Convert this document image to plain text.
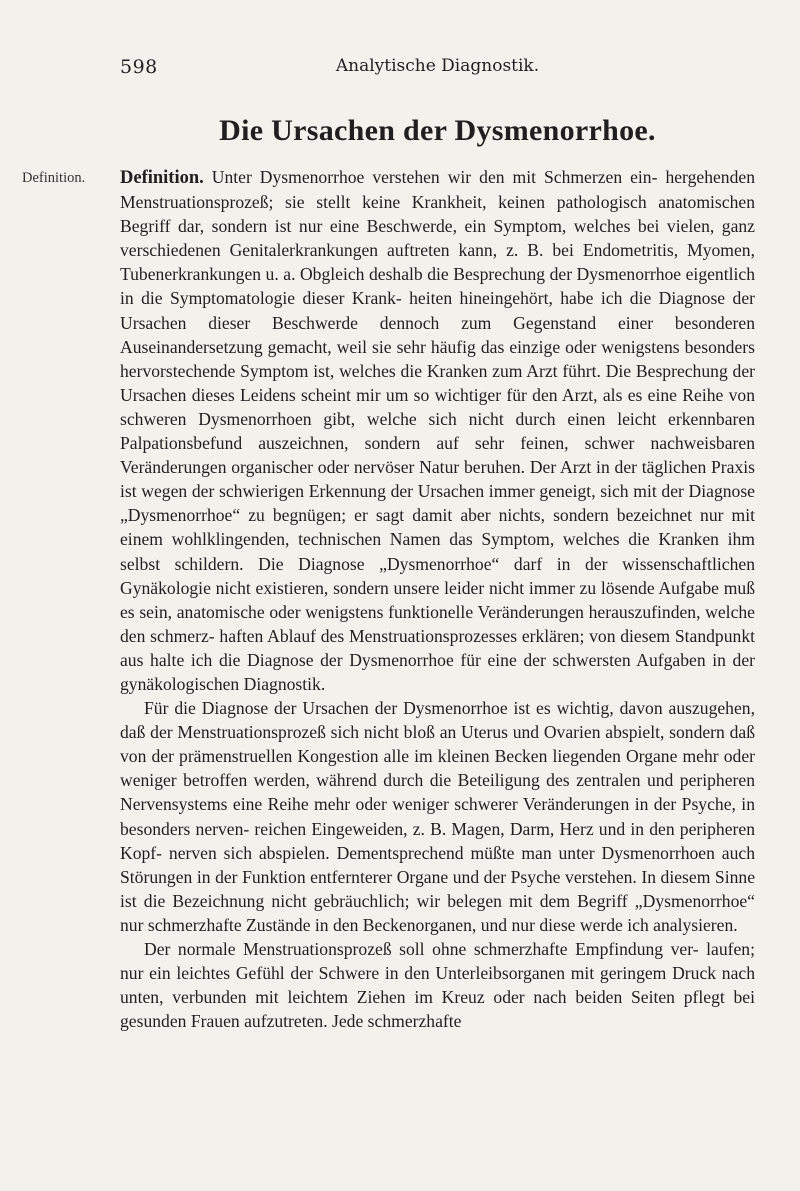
598	Analytische Diagnostik.
Die Ursachen der Dysmenorrhoe.
Definition. Definition. Unter Dysmenorrhoe verstehen wir den mit Schmerzen ein- hergehenden Menstruationsprozeß; sie stellt keine Krankheit, keinen pathologisch anatomischen Begriff dar, sondern ist nur eine Beschwerde, ein Symptom, welches bei vielen, ganz verschiedenen Genitalerkrankungen auftreten kann, z. B. bei Endometritis, Myomen, Tubenerkrankungen u. a. Obgleich deshalb die Besprechung der Dysmenorrhoe eigentlich in die Symptomatologie dieser Krank- heiten hineingehört, habe ich die Diagnose der Ursachen dieser Beschwerde dennoch zum Gegenstand einer besonderen Auseinandersetzung gemacht, weil sie sehr häufig das einzige oder wenigstens besonders hervorstechende Symptom ist, welches die Kranken zum Arzt führt. Die Besprechung der Ursachen dieses Leidens scheint mir um so wichtiger für den Arzt, als es eine Reihe von schweren Dysmenorrhoen gibt, welche sich nicht durch einen leicht erkennbaren Palpationsbefund auszeichnen, sondern auf sehr feinen, schwer nachweisbaren Veränderungen organischer oder nervöser Natur beruhen. Der Arzt in der täglichen Praxis ist wegen der schwierigen Erkennung der Ursachen immer geneigt, sich mit der Diagnose „Dysmenorrhoe“ zu begnügen; er sagt damit aber nichts, sondern bezeichnet nur mit einem wohlklingenden, technischen Namen das Symptom, welches die Kranken ihm selbst schildern. Die Diagnose „Dysmenorrhoe“ darf in der wissenschaftlichen Gynäkologie nicht existieren, sondern unsere leider nicht immer zu lösende Aufgabe muß es sein, anatomische oder wenigstens funktionelle Veränderungen herauszufinden, welche den schmerz- haften Ablauf des Menstruationsprozesses erklären; von diesem Standpunkt aus halte ich die Diagnose der Dysmenorrhoe für eine der schwersten Aufgaben in der gynäkologischen Diagnostik.

Für die Diagnose der Ursachen der Dysmenorrhoe ist es wichtig, davon auszugehen, daß der Menstruationsprozeß sich nicht bloß an Uterus und Ovarien abspielt, sondern daß von der prämenstruellen Kongestion alle im kleinen Becken liegenden Organe mehr oder weniger betroffen werden, während durch die Beteiligung des zentralen und peripheren Nervensystems eine Reihe mehr oder weniger schwerer Veränderungen in der Psyche, in besonders nerven- reichen Eingeweiden, z. B. Magen, Darm, Herz und in den peripheren Kopf- nerven sich abspielen. Dementsprechend müßte man unter Dysmenorrhoen auch Störungen in der Funktion entfernterer Organe und der Psyche verstehen. In diesem Sinne ist die Bezeichnung nicht gebräuchlich; wir belegen mit dem Begriff „Dysmenorrhoe“ nur schmerzhafte Zustände in den Beckenorganen, und nur diese werde ich analysieren.

Der normale Menstruationsprozeß soll ohne schmerzhafte Empfindung ver- laufen; nur ein leichtes Gefühl der Schwere in den Unterleibsorganen mit geringem Druck nach unten, verbunden mit leichtem Ziehen im Kreuz oder nach beiden Seiten pflegt bei gesunden Frauen aufzutreten. Jede schmerzhafte
